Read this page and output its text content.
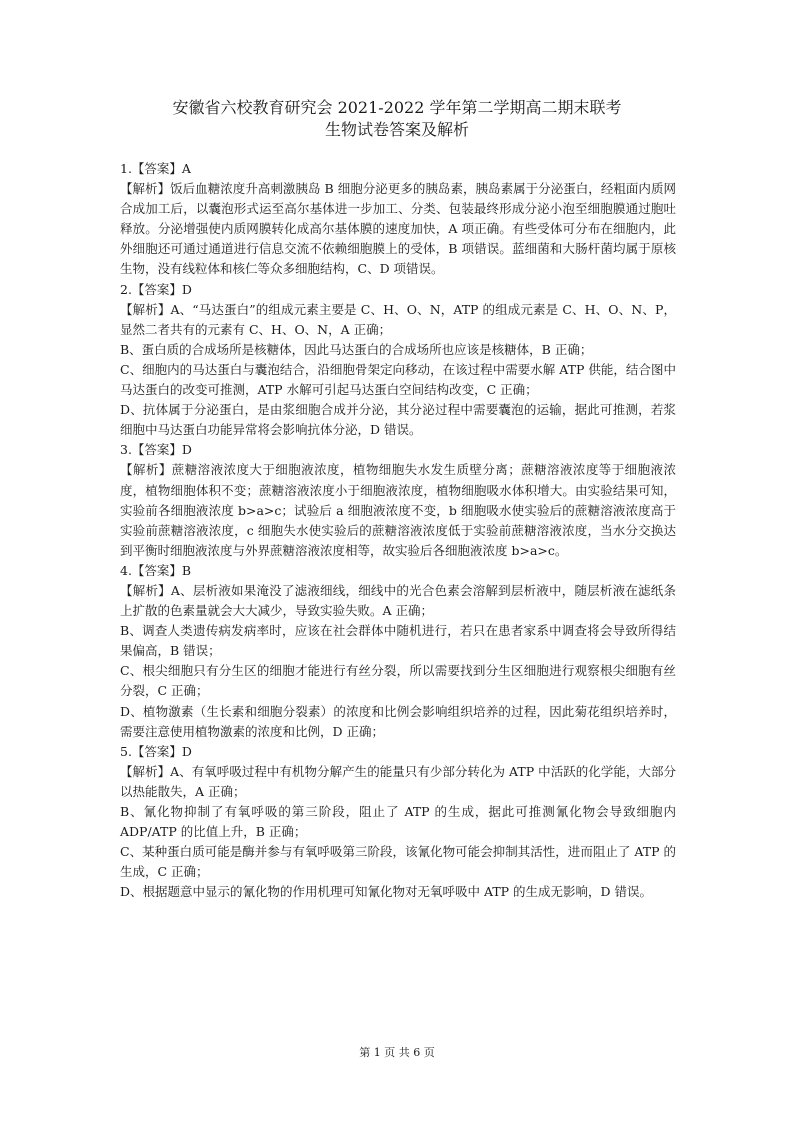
安徽省六校教育研究会 2021-2022 学年第二学期高二期末联考
生物试卷答案及解析

1.【答案】A

【解析】饭后血糖浓度升高刺激胰岛 B 细胞分泌更多的胰岛素，胰岛素属于分泌蛋白，经粗面内质网合成加工后，以囊泡形式运至高尔基体进一步加工、分类、包装最终形成分泌小泡至细胞膜通过胞吐释放。分泌增强使内质网膜转化成高尔基体膜的速度加快，A 项正确。有些受体可分布在细胞内，此外细胞还可通过通道进行信息交流不依赖细胞膜上的受体，B 项错误。蓝细菌和大肠杆菌均属于原核生物，没有线粒体和核仁等众多细胞结构，C、D 项错误。

2.【答案】D

【解析】A、“马达蛋白”的组成元素主要是 C、H、O、N，ATP 的组成元素是 C、H、O、N、P，显然二者共有的元素有 C、H、O、N，A 正确；

B、蛋白质的合成场所是核糖体，因此马达蛋白的合成场所也应该是核糖体，B 正确；

C、细胞内的马达蛋白与囊泡结合，沿细胞骨架定向移动，在该过程中需要水解 ATP 供能，结合图中马达蛋白的改变可推测，ATP 水解可引起马达蛋白空间结构改变，C 正确；

D、抗体属于分泌蛋白，是由浆细胞合成并分泌，其分泌过程中需要囊泡的运输，据此可推测，若浆细胞中马达蛋白功能异常将会影响抗体分泌，D 错误。

3.【答案】D

【解析】蔗糖溶液浓度大于细胞液浓度，植物细胞失水发生质壁分离；蔗糖溶液浓度等于细胞液浓度，植物细胞体积不变；蔗糖溶液浓度小于细胞液浓度，植物细胞吸水体积增大。由实验结果可知，实验前各细胞液浓度 b>a>c；试验后 a 细胞液浓度不变，b 细胞吸水使实验后的蔗糖溶液浓度高于实验前蔗糖溶液浓度，c 细胞失水使实验后的蔗糖溶液浓度低于实验前蔗糖溶液浓度，当水分交换达到平衡时细胞液浓度与外界蔗糖溶液浓度相等，故实验后各细胞液浓度 b>a>c。

4.【答案】B

【解析】A、层析液如果淹没了滤液细线，细线中的光合色素会溶解到层析液中，随层析液在滤纸条上扩散的色素量就会大大减少，导致实验失败。A 正确；

B、调查人类遗传病发病率时，应该在社会群体中随机进行，若只在患者家系中调查将会导致所得结果偏高，B 错误；

C、根尖细胞只有分生区的细胞才能进行有丝分裂，所以需要找到分生区细胞进行观察根尖细胞有丝分裂，C 正确；

D、植物激素（生长素和细胞分裂素）的浓度和比例会影响组织培养的过程，因此菊花组织培养时，需要注意使用植物激素的浓度和比例，D 正确；

5.【答案】D

【解析】A、有氧呼吸过程中有机物分解产生的能量只有少部分转化为 ATP 中活跃的化学能，大部分以热能散失，A 正确；

B、氰化物抑制了有氧呼吸的第三阶段，阻止了 ATP 的生成，据此可推测氰化物会导致细胞内 ADP/ATP 的比值上升，B 正确；

C、某种蛋白质可能是酶并参与有氧呼吸第三阶段，该氰化物可能会抑制其活性，进而阻止了 ATP 的生成，C 正确；

D、根据题意中显示的氰化物的作用机理可知氰化物对无氧呼吸中 ATP 的生成无影响，D 错误。

第 1 页 共 6 页
